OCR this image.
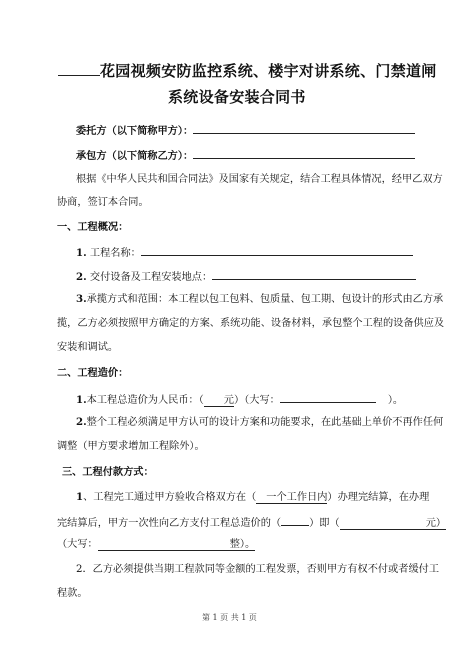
花园视频安防监控系统、楼宇对讲系统、门禁道闸
系统设备安装合同书
委托方（以下简称甲方）：
承包方（以下简称乙方）：
根据《中华人民共和国合同法》及国家有关规定，结合工程具体情况，经甲乙双方
协商，签订本合同。
一、工程概况：
1. 工程名称：
2. 交付设备及工程安装地点：
3.承揽方式和范围：本工程以包工包料、包质量、包工期、包设计的形式由乙方承
揽，乙方必须按照甲方确定的方案、系统功能、设备材料，承包整个工程的设备供应及
安装和调试。
二、工程造价：
1.本工程总造价为人民币：（ 元）（大写：	）。
2.整个工程必须满足甲方认可的设计方案和功能要求，在此基础上单价不再作任何
调整（甲方要求增加工程除外）。
三、工程付款方式：
1、工程完工通过甲方验收合格双方在（ 一个工作日内）办理完结算，在办理
完结算后，甲方一次性向乙方支付工程总造价的（	）即（	元）
（大写：	整）。
2．乙方必须提供当期工程款同等金额的工程发票，否则甲方有权不付或者缓付工
程款。
第 1 页 共 1 页
